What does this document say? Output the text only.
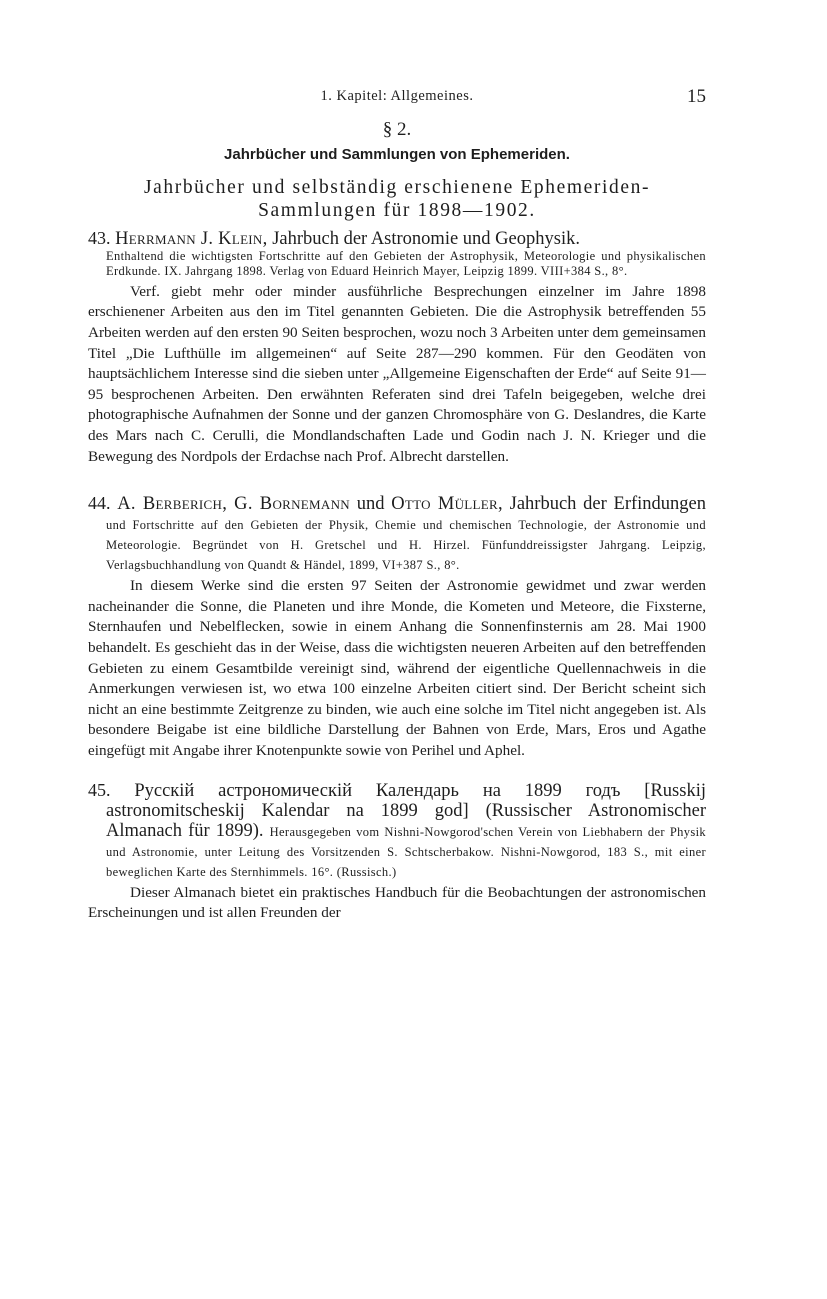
1. Kapitel: Allgemeines.	15
§ 2.
Jahrbücher und Sammlungen von Ephemeriden.
Jahrbücher und selbständig erschienene Ephemeriden-
Sammlungen für 1898—1902.
43. Herrmann J. Klein, Jahrbuch der Astronomie und Geophysik.
Enthaltend die wichtigsten Fortschritte auf den Gebieten der Astrophysik, Meteorologie und physikalischen Erdkunde. IX. Jahrgang 1898. Verlag von Eduard Heinrich Mayer, Leipzig 1899. VIII+384 S., 8°.

Verf. giebt mehr oder minder ausführliche Besprechungen einzelner im Jahre 1898 erschienener Arbeiten aus den im Titel genannten Gebieten. Die die Astrophysik betreffenden 55 Arbeiten werden auf den ersten 90 Seiten besprochen, wozu noch 3 Arbeiten unter dem gemeinsamen Titel „Die Lufthülle im allgemeinen“ auf Seite 287—290 kommen. Für den Geodäten von hauptsächlichem Interesse sind die sieben unter „Allgemeine Eigenschaften der Erde“ auf Seite 91—95 besprochenen Arbeiten. Den erwähnten Referaten sind drei Tafeln beigegeben, welche drei photographische Aufnahmen der Sonne und der ganzen Chromosphäre von G. Deslandres, die Karte des Mars nach C. Cerulli, die Mondlandschaften Lade und Godin nach J. N. Krieger und die Bewegung des Nordpols der Erdachse nach Prof. Albrecht darstellen.

44. A. Berberich, G. Bornemann und Otto Müller, Jahrbuch der Erfindungen und Fortschritte auf den Gebieten der Physik, Chemie und chemischen Technologie, der Astronomie und Meteorologie. Begründet von H. Gretschel und H. Hirzel. Fünfunddreissigster Jahrgang. Leipzig, Verlagsbuchhandlung von Quandt & Händel, 1899, VI+387 S., 8°.

In diesem Werke sind die ersten 97 Seiten der Astronomie gewidmet und zwar werden nacheinander die Sonne, die Planeten und ihre Monde, die Kometen und Meteore, die Fixsterne, Sternhaufen und Nebelflecken, sowie in einem Anhang die Sonnenfinsternis am 28. Mai 1900 behandelt. Es geschieht das in der Weise, dass die wichtigsten neueren Arbeiten auf den betreffenden Gebieten zu einem Gesamtbilde vereinigt sind, während der eigentliche Quellennachweis in die Anmerkungen verwiesen ist, wo etwa 100 einzelne Arbeiten citiert sind. Der Bericht scheint sich nicht an eine bestimmte Zeitgrenze zu binden, wie auch eine solche im Titel nicht angegeben ist. Als besondere Beigabe ist eine bildliche Darstellung der Bahnen von Erde, Mars, Eros und Agathe eingefügt mit Angabe ihrer Knotenpunkte sowie von Perihel und Aphel.

45. Русскій астрономическій Календарь на 1899 годъ [Russkij astronomitscheskij Kalendar na 1899 god] (Russischer Astronomischer Almanach für 1899). Herausgegeben vom Nishni-Nowgorod'schen Verein von Liebhabern der Physik und Astronomie, unter Leitung des Vorsitzenden S. Schtscherbakow. Nishni-Nowgorod, 183 S., mit einer beweglichen Karte des Sternhimmels. 16°. (Russisch.)

Dieser Almanach bietet ein praktisches Handbuch für die Beobachtungen der astronomischen Erscheinungen und ist allen Freunden der
